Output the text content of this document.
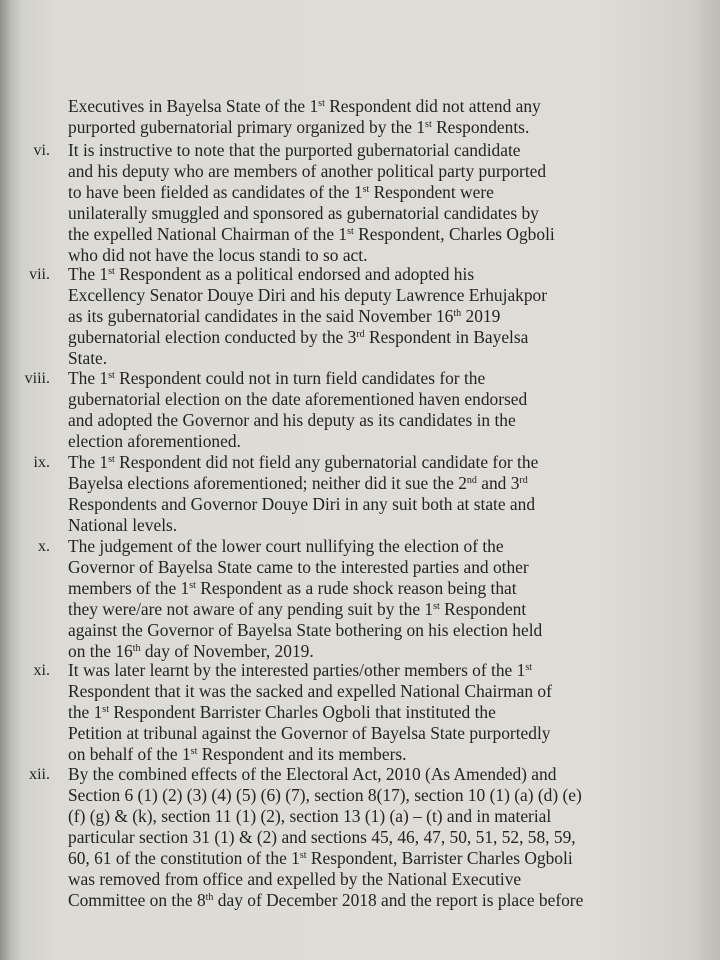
Executives in Bayelsa State of the 1st Respondent did not attend any
purported gubernatorial primary organized by the 1st Respondents.
vi. It is instructive to note that the purported gubernatorial candidate
and his deputy who are members of another political party purported
to have been fielded as candidates of the 1st Respondent were
unilaterally smuggled and sponsored as gubernatorial candidates by
the expelled National Chairman of the 1st Respondent, Charles Ogboli
who did not have the locus standi to so act.
vii. The 1st Respondent as a political endorsed and adopted his
Excellency Senator Douye Diri and his deputy Lawrence Erhujakpor
as its gubernatorial candidates in the said November 16th 2019
gubernatorial election conducted by the 3rd Respondent in Bayelsa
State.
viii. The 1st Respondent could not in turn field candidates for the
gubernatorial election on the date aforementioned haven endorsed
and adopted the Governor and his deputy as its candidates in the
election aforementioned.
ix. The 1st Respondent did not field any gubernatorial candidate for the
Bayelsa elections aforementioned; neither did it sue the 2nd and 3rd
Respondents and Governor Douye Diri in any suit both at state and
National levels.
x. The judgement of the lower court nullifying the election of the
Governor of Bayelsa State came to the interested parties and other
members of the 1st Respondent as a rude shock reason being that
they were/are not aware of any pending suit by the 1st Respondent
against the Governor of Bayelsa State bothering on his election held
on the 16th day of November, 2019.
xi. It was later learnt by the interested parties/other members of the 1st
Respondent that it was the sacked and expelled National Chairman of
the 1st Respondent Barrister Charles Ogboli that instituted the
Petition at tribunal against the Governor of Bayelsa State purportedly
on behalf of the 1st Respondent and its members.
xii. By the combined effects of the Electoral Act, 2010 (As Amended) and
Section 6 (1) (2) (3) (4) (5) (6) (7), section 8(17), section 10 (1) (a) (d) (e)
(f) (g) & (k), section 11 (1) (2), section 13 (1) (a) – (t) and in material
particular section 31 (1) & (2) and sections 45, 46, 47, 50, 51, 52, 58, 59,
60, 61 of the constitution of the 1st Respondent, Barrister Charles Ogboli
was removed from office and expelled by the National Executive
Committee on the 8th day of December 2018 and the report is place before
